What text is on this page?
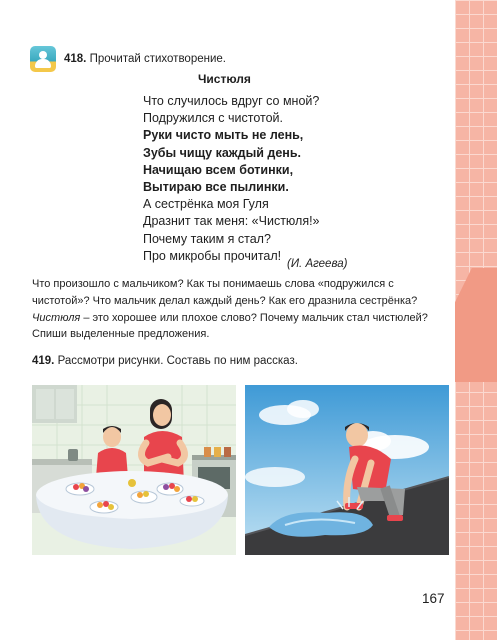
418. Прочитай стихотворение.
Чистюля
Что случилось вдруг со мной?
Подружился с чистотой.
Руки чисто мыть не лень,
Зубы чищу каждый день.
Начищаю всем ботинки,
Вытираю все пылинки.
А сестрёнка моя Гуля
Дразнит так меня: «Чистюля!»
Почему таким я стал?
Про микробы прочитал!
(И. Агеева)
Что произошло с мальчиком? Как ты понимаешь слова «подружился с
чистотой»? Что мальчик делал каждый день? Как его дразнила сестрёнка?
Чистюля – это хорошее или плохое слово? Почему мальчик стал чистюлей?
Спиши выделенные предложения.
419. Рассмотри рисунки. Составь по ним рассказ.
167
